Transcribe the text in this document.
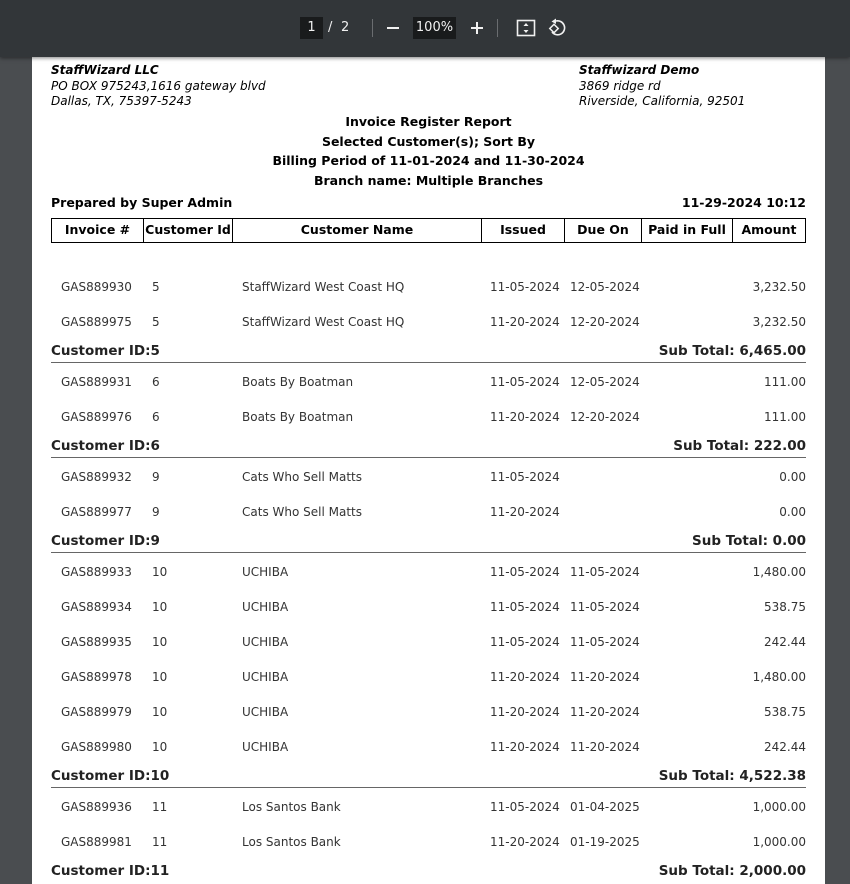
1 / 2	100%
StaffWizard LLC
PO BOX 975243,1616 gateway blvd
Dallas, TX, 75397-5243
Staffwizard Demo
3869 ridge rd
Riverside, California, 92501
Invoice Register Report
Selected Customer(s); Sort By
Billing Period of 11-01-2024 and 11-30-2024
Branch name: Multiple Branches
Prepared by Super Admin	11-29-2024 10:12
Invoice #	Customer Id	Customer Name	Issued	Due On	Paid in Full	Amount
GAS889930 5	StaffWizard West Coast HQ	11-05-2024 12-05-2024	3,232.50
GAS889975 5	StaffWizard West Coast HQ	11-20-2024 12-20-2024	3,232.50
Customer ID:5	Sub Total: 6,465.00
GAS889931 6	Boats By Boatman	11-05-2024 12-05-2024	111.00
GAS889976 6	Boats By Boatman	11-20-2024 12-20-2024	111.00
Customer ID:6	Sub Total: 222.00
GAS889932 9	Cats Who Sell Matts	11-05-2024	0.00
GAS889977 9	Cats Who Sell Matts	11-20-2024	0.00
Customer ID:9	Sub Total: 0.00
GAS889933 10	UCHIBA	11-05-2024 11-05-2024	1,480.00
GAS889934 10	UCHIBA	11-05-2024 11-05-2024	538.75
GAS889935 10	UCHIBA	11-05-2024 11-05-2024	242.44
GAS889978 10	UCHIBA	11-20-2024 11-20-2024	1,480.00
GAS889979 10	UCHIBA	11-20-2024 11-20-2024	538.75
GAS889980 10	UCHIBA	11-20-2024 11-20-2024	242.44
Customer ID:10	Sub Total: 4,522.38
GAS889936 11	Los Santos Bank	11-05-2024 01-04-2025	1,000.00
GAS889981 11	Los Santos Bank	11-20-2024 01-19-2025	1,000.00
Customer ID:11	Sub Total: 2,000.00
